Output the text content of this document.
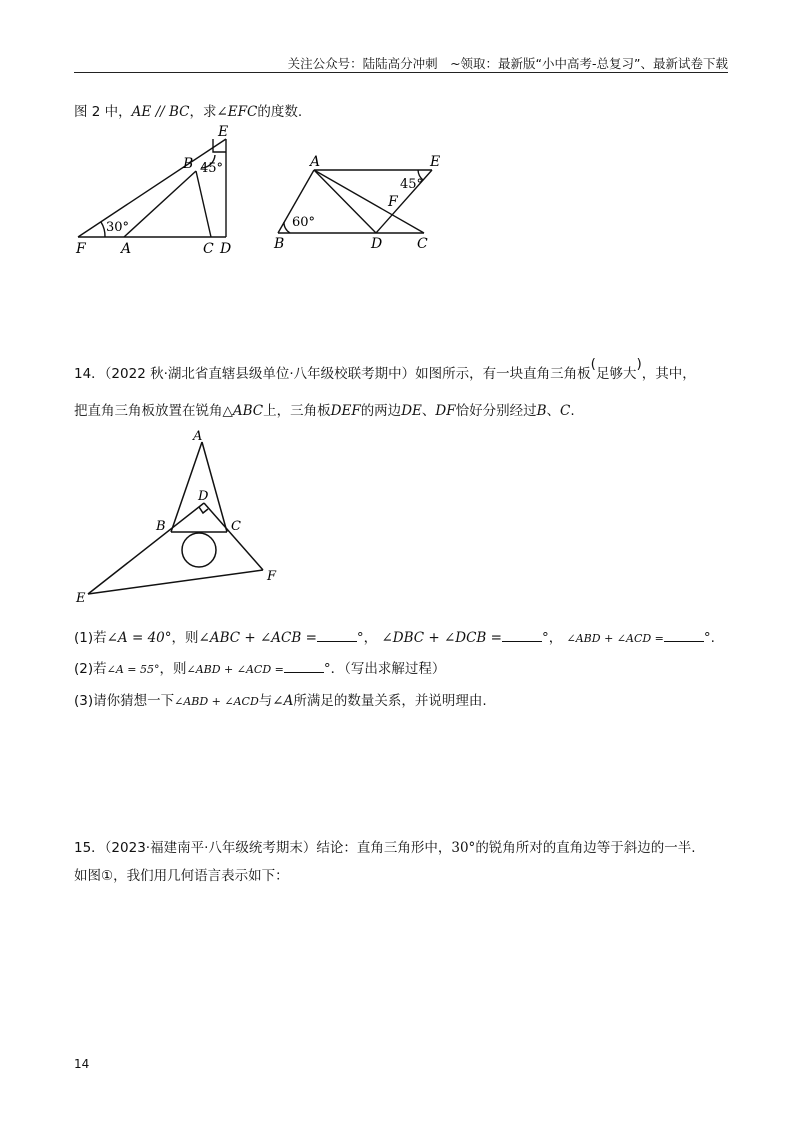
关注公众号：陆陆高分冲刺　~领取：最新版“小中高考-总复习”、最新试卷下载
图 2 中，AE // BC，求∠EFC的度数.
E
B 45°
30°
F	A	C D
A	E
45°
F
60°
B	D C
14．（2022 秋·湖北省直辖县级单位·八年级校联考期中）如图所示，有一块直角三角板(足够大)，其中，
把直角三角板放置在锐角△ABC上，三角板DEF的两边DE、DF恰好分别经过B、C.
A
D
B	C
E
F
(1)若∠A = 40°，则∠ABC + ∠ACB =	°， ∠DBC + ∠DCB =	°， ∠ABD + ∠ACD =	°.
(2)若∠A = 55°，则∠ABD + ∠ACD =	°．（写出求解过程）
(3)请你猜想一下∠ABD + ∠ACD与∠A所满足的数量关系，并说明理由.
15．（2023·福建南平·八年级统考期末）结论：直角三角形中，30°的锐角所对的直角边等于斜边的一半.
如图①，我们用几何语言表示如下：
14
